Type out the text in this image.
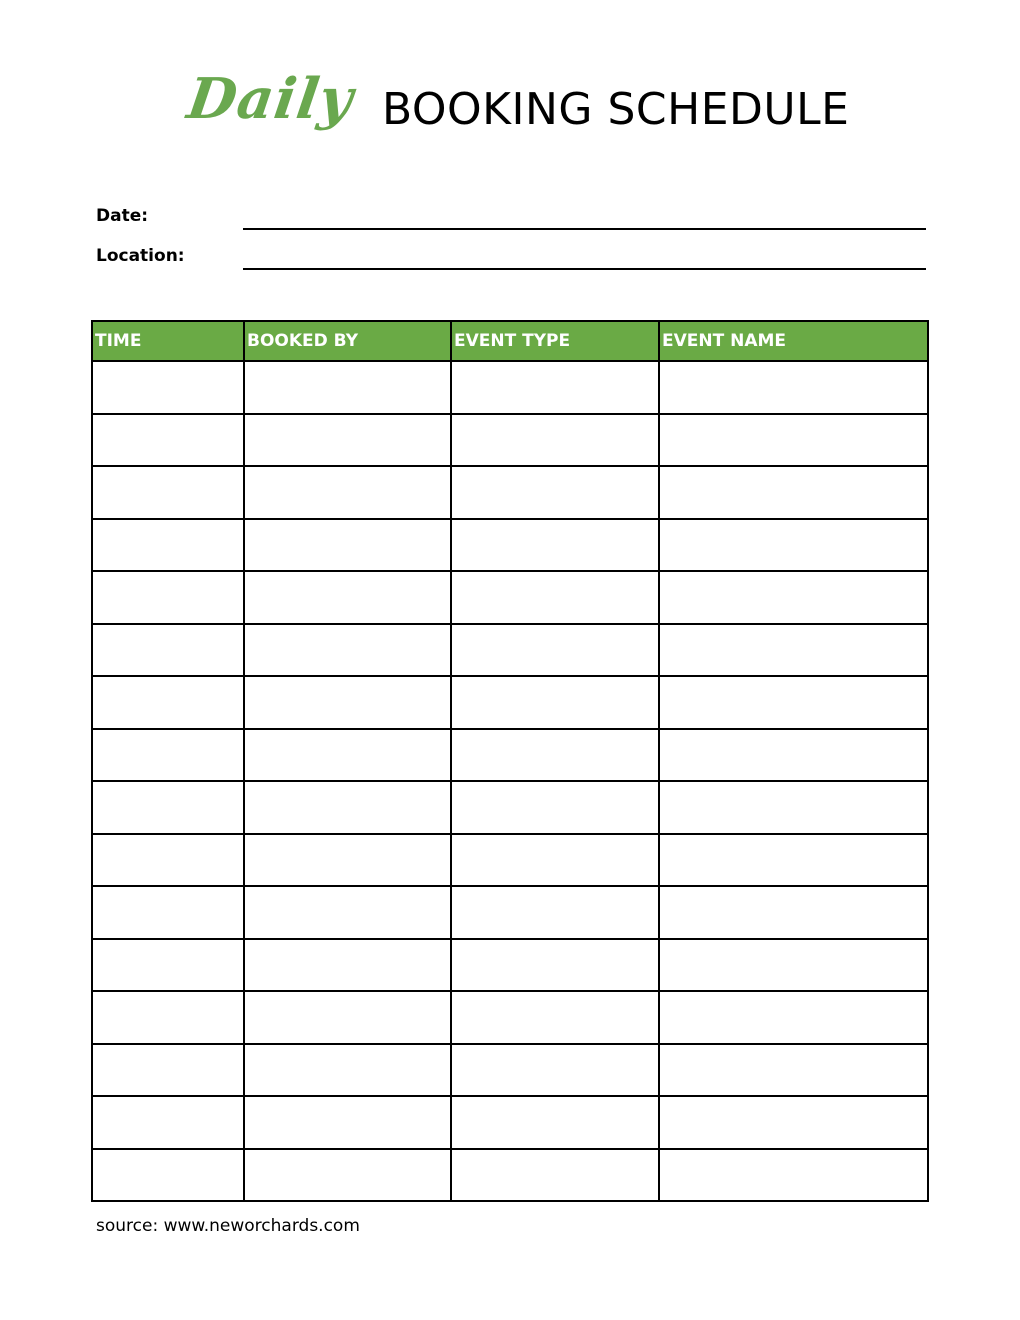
Daily BOOKING SCHEDULE
Date:
Location:
TIME	BOOKED BY	EVENT TYPE	EVENT NAME

source: www.neworchards.com
